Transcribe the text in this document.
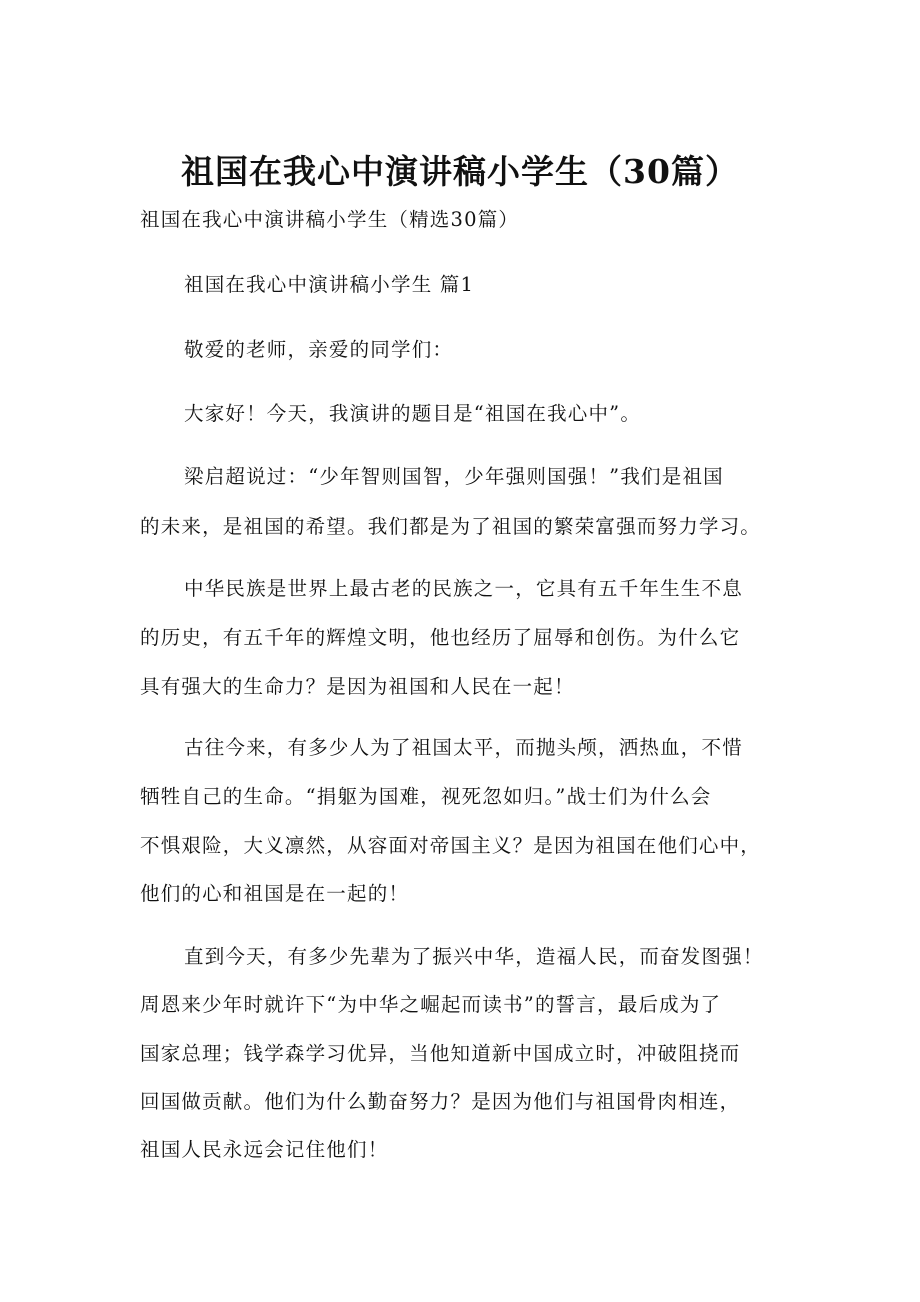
祖国在我心中演讲稿小学生（30篇）

祖国在我心中演讲稿小学生（精选30篇）

祖国在我心中演讲稿小学生 篇1

敬爱的老师，亲爱的同学们：

大家好！今天，我演讲的题目是“祖国在我心中”。

梁启超说过：“少年智则国智，少年强则国强！”我们是祖国

的未来，是祖国的希望。我们都是为了祖国的繁荣富强而努力学习。

中华民族是世界上最古老的民族之一，它具有五千年生生不息

的历史，有五千年的辉煌文明，他也经历了屈辱和创伤。为什么它

具有强大的生命力？是因为祖国和人民在一起！

古往今来，有多少人为了祖国太平，而抛头颅，洒热血，不惜

牺牲自己的生命。“捐躯为国难，视死忽如归。”战士们为什么会

不惧艰险，大义凛然，从容面对帝国主义？是因为祖国在他们心中，

他们的心和祖国是在一起的！

直到今天，有多少先辈为了振兴中华，造福人民，而奋发图强！

周恩来少年时就许下“为中华之崛起而读书”的誓言，最后成为了

国家总理；钱学森学习优异，当他知道新中国成立时，冲破阻挠而

回国做贡献。他们为什么勤奋努力？是因为他们与祖国骨肉相连，

祖国人民永远会记住他们！
